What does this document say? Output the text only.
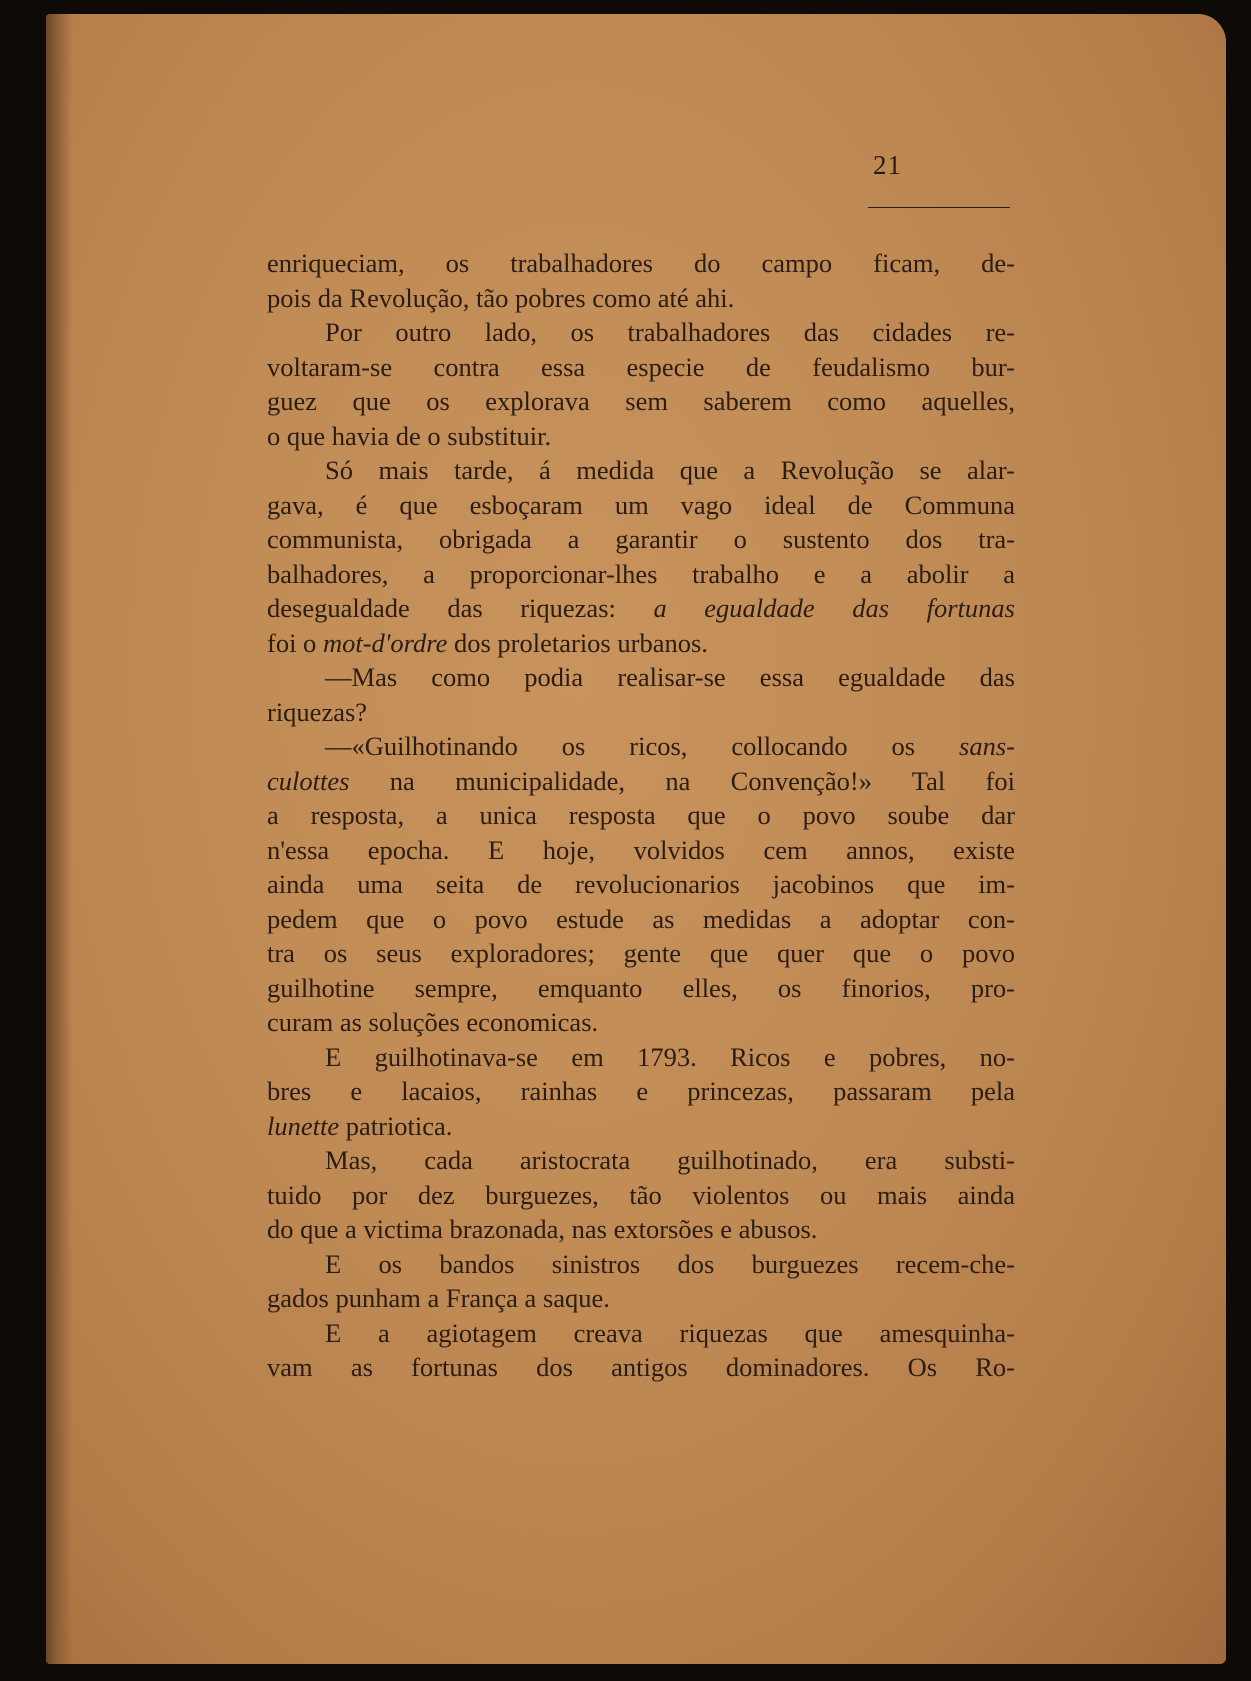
21
enriqueciam, os trabalhadores do campo ficam, de-
pois da Revolução, tão pobres como até ahi.
Por outro lado, os trabalhadores das cidades re-
voltaram-se contra essa especie de feudalismo bur-
guez que os explorava sem saberem como aquelles,
o que havia de o substituir.
Só mais tarde, á medida que a Revolução se alar-
gava, é que esboçaram um vago ideal de Communa
communista, obrigada a garantir o sustento dos tra-
balhadores, a proporcionar-lhes trabalho e a abolir a
desegualdade das riquezas: a egualdade das fortunas
foi o mot-d'ordre dos proletarios urbanos.
—Mas como podia realisar-se essa egualdade das
riquezas?
—«Guilhotinando os ricos, collocando os sans-
culottes na municipalidade, na Convenção!» Tal foi
a resposta, a unica resposta que o povo soube dar
n'essa epocha. E hoje, volvidos cem annos, existe
ainda uma seita de revolucionarios jacobinos que im-
pedem que o povo estude as medidas a adoptar con-
tra os seus exploradores; gente que quer que o povo
guilhotine sempre, emquanto elles, os finorios, pro-
curam as soluções economicas.
E guilhotinava-se em 1793. Ricos e pobres, no-
bres e lacaios, rainhas e princezas, passaram pela
lunette patriotica.
Mas, cada aristocrata guilhotinado, era substi-
tuido por dez burguezes, tão violentos ou mais ainda
do que a victima brazonada, nas extorsões e abusos.
E os bandos sinistros dos burguezes recem-che-
gados punham a França a saque.
E a agiotagem creava riquezas que amesquinha-
vam as fortunas dos antigos dominadores. Os Ro-
